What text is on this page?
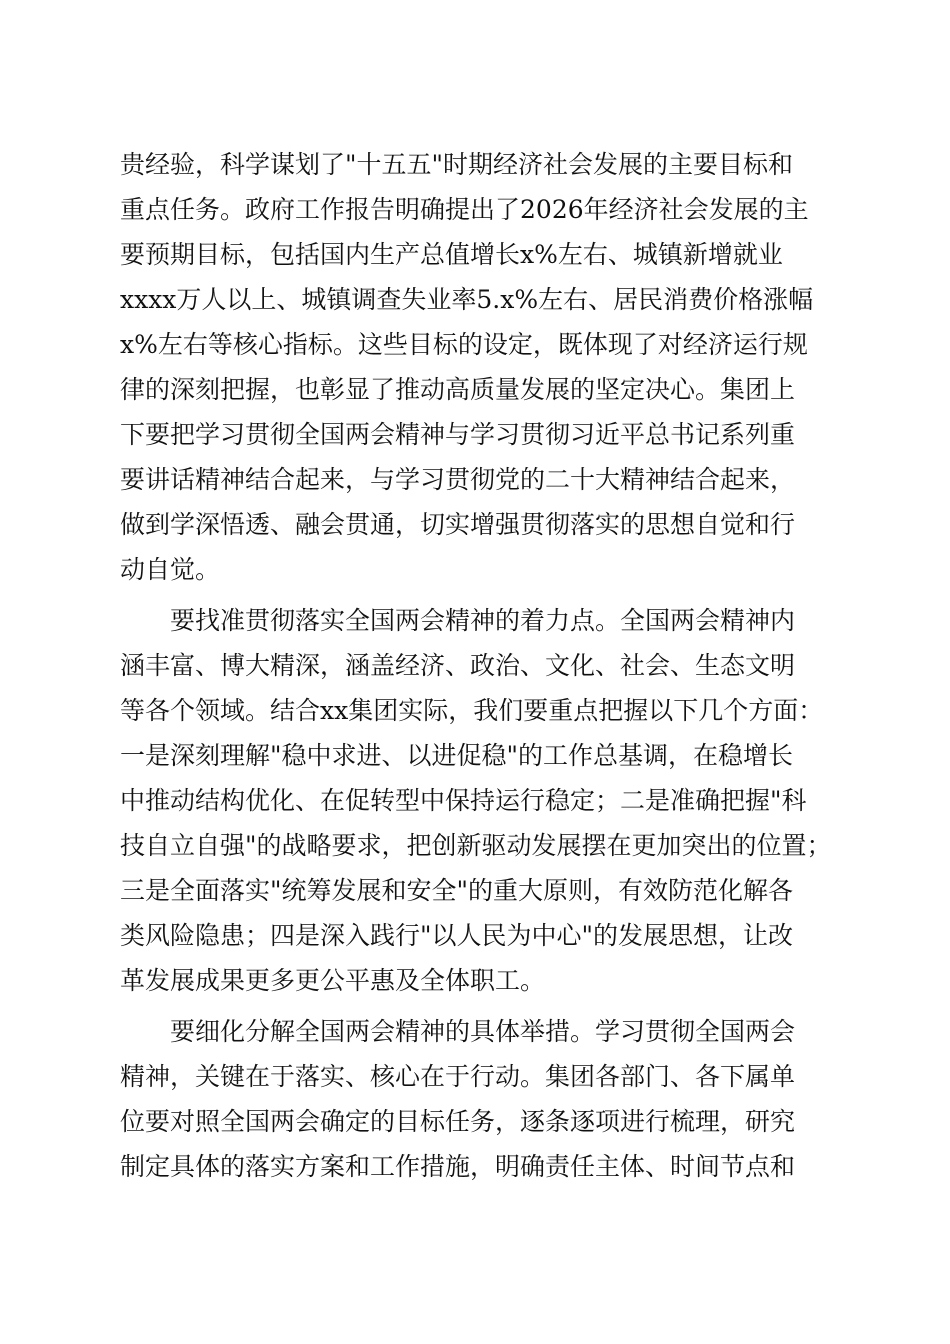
贵经验，科学谋划了"十五五"时期经济社会发展的主要目标和
重点任务。政府工作报告明确提出了2026年经济社会发展的主
要预期目标，包括国内生产总值增长x%左右、城镇新增就业
xxxx万人以上、城镇调查失业率5.x%左右、居民消费价格涨幅
x%左右等核心指标。这些目标的设定，既体现了对经济运行规
律的深刻把握，也彰显了推动高质量发展的坚定决心。集团上
下要把学习贯彻全国两会精神与学习贯彻习近平总书记系列重
要讲话精神结合起来，与学习贯彻党的二十大精神结合起来，
做到学深悟透、融会贯通，切实增强贯彻落实的思想自觉和行
动自觉。
　　要找准贯彻落实全国两会精神的着力点。全国两会精神内
涵丰富、博大精深，涵盖经济、政治、文化、社会、生态文明
等各个领域。结合xx集团实际，我们要重点把握以下几个方面：
一是深刻理解"稳中求进、以进促稳"的工作总基调，在稳增长
中推动结构优化、在促转型中保持运行稳定；二是准确把握"科
技自立自强"的战略要求，把创新驱动发展摆在更加突出的位置；
三是全面落实"统筹发展和安全"的重大原则，有效防范化解各
类风险隐患；四是深入践行"以人民为中心"的发展思想，让改
革发展成果更多更公平惠及全体职工。
　　要细化分解全国两会精神的具体举措。学习贯彻全国两会
精神，关键在于落实、核心在于行动。集团各部门、各下属单
位要对照全国两会确定的目标任务，逐条逐项进行梳理，研究
制定具体的落实方案和工作措施，明确责任主体、时间节点和
